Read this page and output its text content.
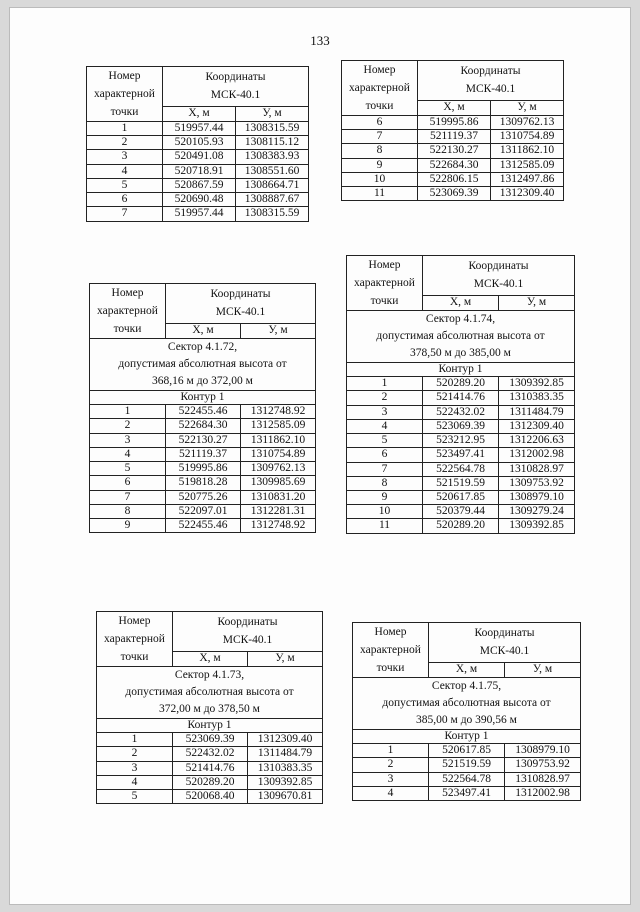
133
Номер
характерной
точки	Координаты
МСК-40.1	
	Х, м	У, м
1	519957.44	1308315.59
2	520105.93	1308115.12
3	520491.08	1308383.93
4	520718.91	1308551.60
5	520867.59	1308664.71
6	520690.48	1308887.67
7	519957.44	1308315.59
Номер
характерной
точки	Координаты
МСК-40.1	
	Х, м	У, м
6	519995.86	1309762.13
7	521119.37	1310754.89
8	522130.27	1311862.10
9	522684.30	1312585.09
10	522806.15	1312497.86
11	523069.39	1312309.40
Номер
характерной
точки	Координаты
МСК-40.1	
	Х, м	У, м
Сектор 4.1.72,
допустимая абсолютная высота от
368,16 м до 372,00 м		
Контур 1		
1	522455.46	1312748.92
2	522684.30	1312585.09
3	522130.27	1311862.10
4	521119.37	1310754.89
5	519995.86	1309762.13
6	519818.28	1309985.69
7	520775.26	1310831.20
8	522097.01	1312281.31
9	522455.46	1312748.92
Номер
характерной
точки	Координаты
МСК-40.1	
	Х, м	У, м
Сектор 4.1.74,
допустимая абсолютная высота от
378,50 м до 385,00 м		
Контур 1		
1	520289.20	1309392.85
2	521414.76	1310383.35
3	522432.02	1311484.79
4	523069.39	1312309.40
5	523212.95	1312206.63
6	523497.41	1312002.98
7	522564.78	1310828.97
8	521519.59	1309753.92
9	520617.85	1308979.10
10	520379.44	1309279.24
11	520289.20	1309392.85
Номер
характерной
точки	Координаты
МСК-40.1	
	Х, м	У, м
Сектор 4.1.73,
допустимая абсолютная высота от
372,00 м до 378,50 м		
Контур 1		
1	523069.39	1312309.40
2	522432.02	1311484.79
3	521414.76	1310383.35
4	520289.20	1309392.85
5	520068.40	1309670.81
Номер
характерной
точки	Координаты
МСК-40.1	
	Х, м	У, м
Сектор 4.1.75,
допустимая абсолютная высота от
385,00 м до 390,56 м		
Контур 1		
1	520617.85	1308979.10
2	521519.59	1309753.92
3	522564.78	1310828.97
4	523497.41	1312002.98
